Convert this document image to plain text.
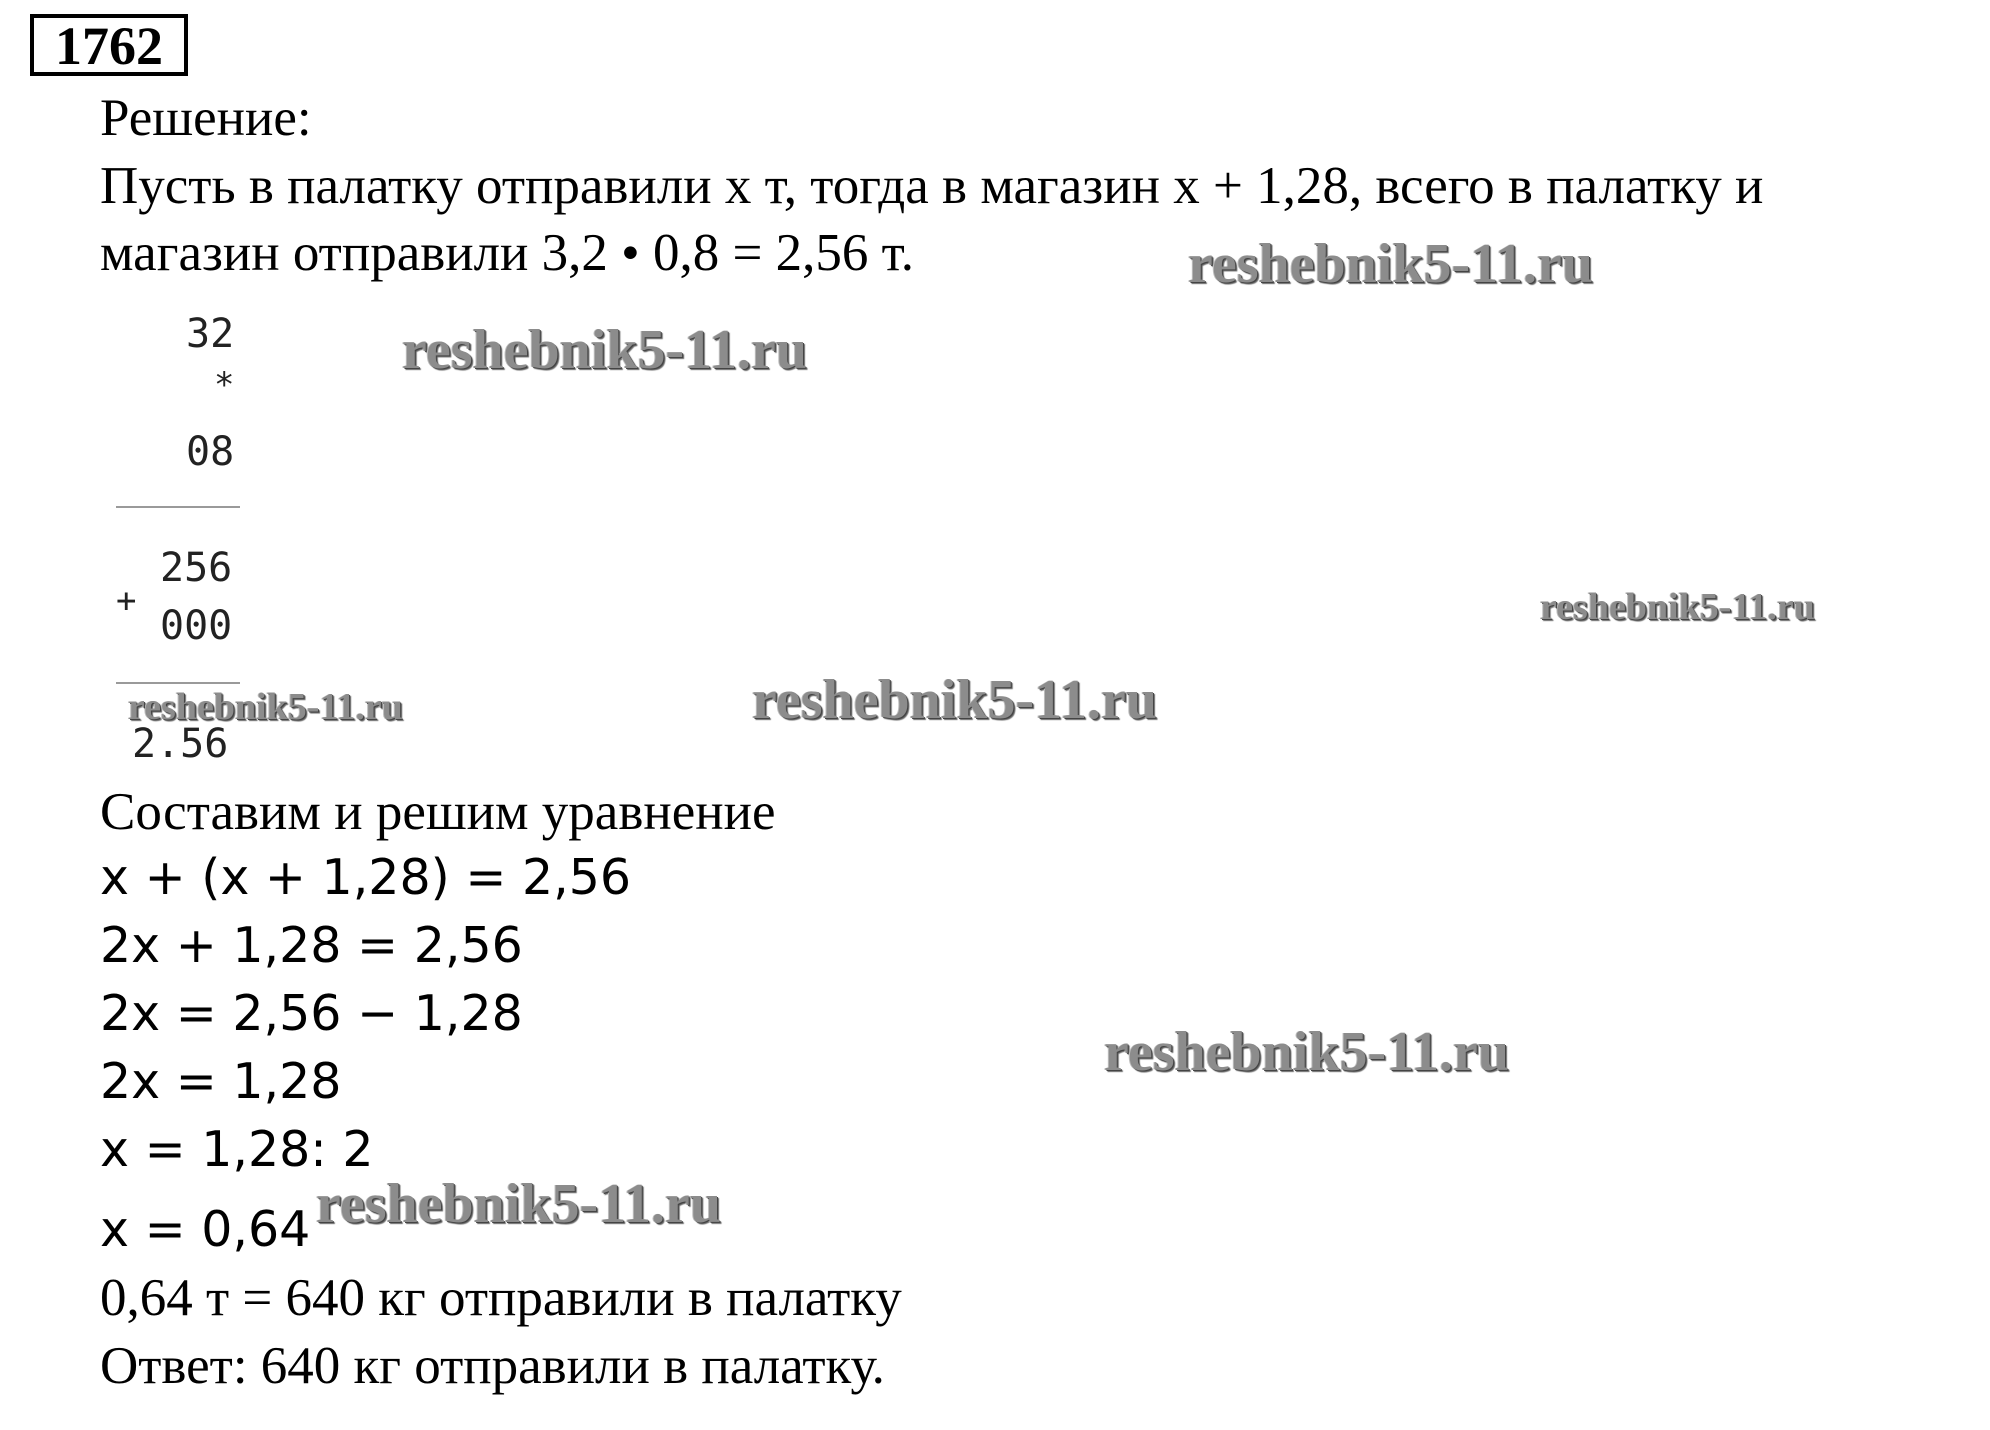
1762
Решение:
Пусть в палатку отправили x т, тогда в магазин x + 1,28, всего в палатку и
магазин отправили 3,2 • 0,8 = 2,56 т.
32
*
08
256
+
000
2.56
Составим и решим уравнение
x + (x + 1,28) = 2,56
2x + 1,28 = 2,56
2x = 2,56 − 1,28
2x = 1,28
x = 1,28: 2
x = 0,64
0,64 т = 640 кг отправили в палатку
Ответ: 640 кг отправили в палатку.
reshebnik5-11.ru
reshebnik5-11.ru
reshebnik5-11.ru
reshebnik5-11.ru	reshebnik5-11.ru
reshebnik5-11.ru
reshebnik5-11.ru
